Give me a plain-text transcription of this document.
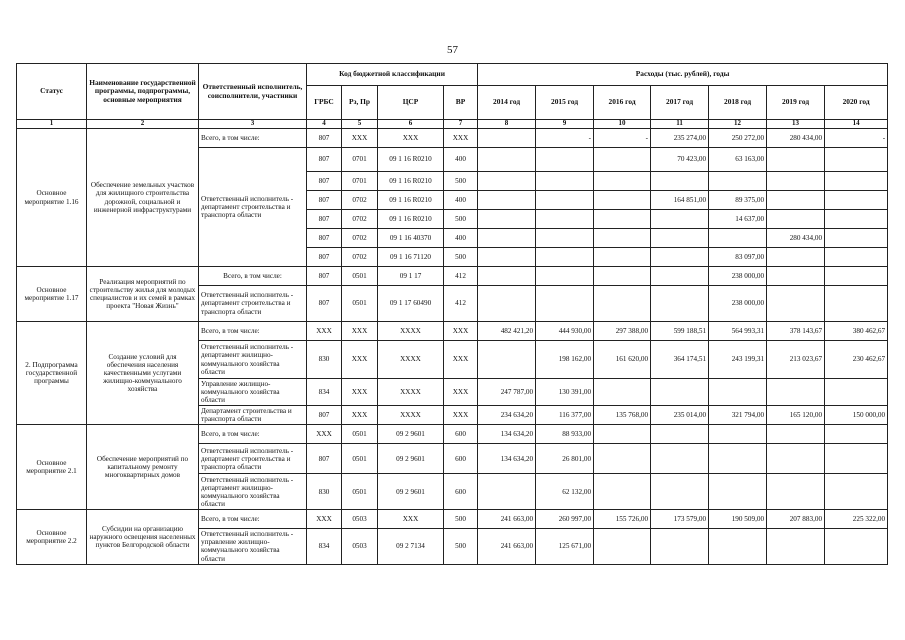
57
Статус	Наименование государственной программы, подпрограммы, основные мероприятия	Ответственный исполнитель, соисполнители, участники	Код бюджетной классификации				Расходы (тыс. рублей), годы						
			ГРБС	Рз, Пр	ЦСР	ВР	2014 год	2015 год	2016 год	2017 год	2018 год	2019 год	2020 год
1	2	3	4	5	6	7	8	9	10	11	12	13	14
Основное мероприятие 1.16	Обеспечение земельных участков для жилищного строительства дорожной, социальной и инженерной инфраструктурами	Всего, в том числе:	807	XXX	XXX	XXX		-	-	235 274,00	250 272,00	280 434,00	-
		Ответственный исполнитель - департамент строительства и транспорта области	807	0701	09 1 16 R0210	400				70 423,00	63 163,00		
			807	0701	09 1 16 R0210	500							
			807	0702	09 1 16 R0210	400				164 851,00	89 375,00		
			807	0702	09 1 16 R0210	500					14 637,00		
			807	0702	09 1 16 40370	400						280 434,00	
			807	0702	09 1 16 71120	500					83 097,00		
Основное мероприятие 1.17	Реализация мероприятий по строительству жилья для молодых специалистов и их семей в рамках проекта "Новая Жизнь"	Всего, в том числе:	807	0501	09 1 17	412					238 000,00		
		Ответственный исполнитель - департамент строительства и транспорта области	807	0501	09 1 17 60490	412					238 000,00		
2. Подпрограмма государственной программы	Создание условий для обеспечения населения качественными услугами жилищно-коммунального хозяйства	Всего, в том числе:	XXX	XXX	XXXX	XXX	482 421,20	444 930,00	297 388,00	599 188,51	564 993,31	378 143,67	380 462,67
		Ответственный исполнитель - департамент жилищно-коммунального хозяйства области	830	XXX	XXXX	XXX		198 162,00	161 620,00	364 174,51	243 199,31	213 023,67	230 462,67
		Управление жилищно-коммунального хозяйства области	834	XXX	XXXX	XXX	247 787,00	130 391,00					
		Департамент строительства и транспорта области	807	XXX	XXXX	XXX	234 634,20	116 377,00	135 768,00	235 014,00	321 794,00	165 120,00	150 000,00
Основное мероприятие 2.1	Обеспечение мероприятий по капитальному ремонту многоквартирных домов	Всего, в том числе:	XXX	0501	09 2 9601	600	134 634,20	88 933,00					
		Ответственный исполнитель - департамент строительства и транспорта области	807	0501	09 2 9601	600	134 634,20	26 801,00					
		Ответственный исполнитель - департамент жилищно-коммунального хозяйства области	830	0501	09 2 9601	600		62 132,00					
Основное мероприятие 2.2	Субсидии на организацию наружного освещения населенных пунктов Белгородской области	Всего, в том числе:	XXX	0503	XXX	500	241 663,00	260 997,00	155 726,00	173 579,00	190 509,00	207 883,00	225 322,00
		Ответственный исполнитель - управление жилищно-коммунального хозяйства области	834	0503	09 2 7134	500	241 663,00	125 671,00					
